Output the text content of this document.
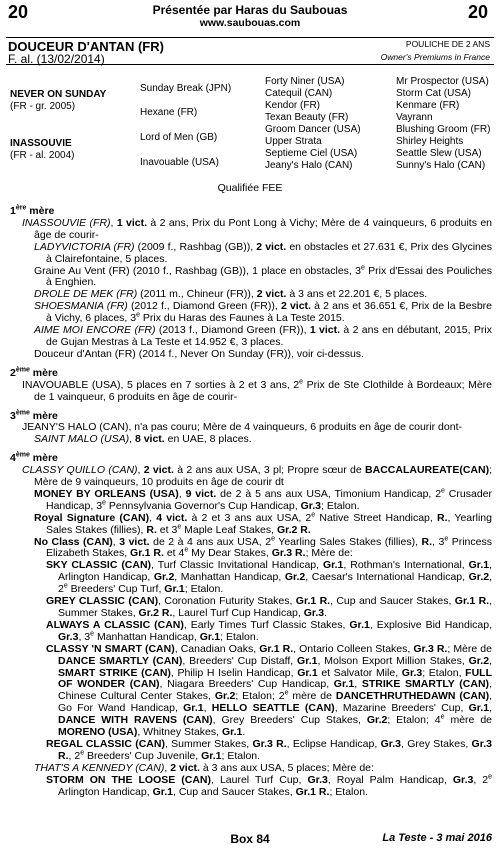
20	Présentée par Haras du Saubouas
www.saubouas.com
20
DOUCEUR D'ANTAN (FR)
F. al. (13/02/2014)
POULICHE DE 2 ANS
Owner's Premiums in France
NEVER ON SUNDAY
(FR - gr. 2005)
INASSOUVIE
(FR - al. 2004)
Sunday Break (JPN)
Hexane (FR)
Lord of Men (GB)
Inavouable (USA)
Forty Niner (USA)
Catequil (CAN)
Kendor (FR)
Texan Beauty (FR)
Groom Dancer (USA)
Upper Strata
Septieme Ciel (USA)
Jeany's Halo (CAN)
Mr Prospector (USA)
Storm Cat (USA)
Kenmare (FR)
Vayrann
Blushing Groom (FR)
Shirley Heights
Seattle Slew (USA)
Sunny's Halo (CAN)
Qualifiée FEE

1ère mère

INASSOUVIE (FR), 1 vict. à 2 ans, Prix du Pont Long à Vichy; Mère de 4 vainqueurs, 6 produits en âge de courir-

LADYVICTORIA (FR) (2009 f., Rashbag (GB)), 2 vict. en obstacles et 27.631 €, Prix des Glycines à Clairefontaine, 5 places.

Graine Au Vent (FR) (2010 f., Rashbag (GB)), 1 place en obstacles, 3e Prix d'Essai des Pouliches à Enghien.

DROLE DE MEK (FR) (2011 m., Chineur (FR)), 2 vict. à 3 ans et 22.201 €, 5 places.

SHOESMANIA (FR) (2012 f., Diamond Green (FR)), 2 vict. à 2 ans et 36.651 €, Prix de la Besbre à Vichy, 6 places, 3e Prix du Haras des Faunes à La Teste 2015.

AIME MOI ENCORE (FR) (2013 f., Diamond Green (FR)), 1 vict. à 2 ans en débutant, 2015, Prix de Gujan Mestras à La Teste et 14.952 €, 3 places.

Douceur d'Antan (FR) (2014 f., Never On Sunday (FR)), voir ci-dessus.

2ème mère

INAVOUABLE (USA), 5 places en 7 sorties à 2 et 3 ans, 2e Prix de Ste Clothilde à Bordeaux; Mère de 1 vainqueur, 6 produits en âge de courir-

3ème mère

JEANY'S HALO (CAN), n'a pas couru; Mère de 4 vainqueurs, 6 produits en âge de courir dont-

SAINT MALO (USA), 8 vict. en UAE, 8 places.

4ème mère

CLASSY QUILLO (CAN), 2 vict. à 2 ans aux USA, 3 pl; Propre sœur de BACCALAUREATE(CAN); Mère de 9 vainqueurs, 10 produits en âge de courir dt

MONEY BY ORLEANS (USA), 9 vict. de 2 à 5 ans aux USA, Timonium Handicap, 2e Crusader Handicap, 3e Pennsylvania Governor's Cup Handicap, Gr.3; Etalon.

Royal Signature (CAN), 4 vict. à 2 et 3 ans aux USA, 2e Native Street Handicap, R., Yearling Sales Stakes (fillies), R. et 3e Maple Leaf Stakes, Gr.2 R.

No Class (CAN), 3 vict. de 2 à 4 ans aux USA, 2e Yearling Sales Stakes (fillies), R., 3e Princess Elizabeth Stakes, Gr.1 R. et 4e My Dear Stakes, Gr.3 R.; Mère de:

SKY CLASSIC (CAN), Turf Classic Invitational Handicap, Gr.1, Rothman's International, Gr.1, Arlington Handicap, Gr.2, Manhattan Handicap, Gr.2, Caesar's International Handicap, Gr.2, 2e Breeders' Cup Turf, Gr.1; Etalon.

GREY CLASSIC (CAN), Coronation Futurity Stakes, Gr.1 R., Cup and Saucer Stakes, Gr.1 R., Summer Stakes, Gr.2 R., Laurel Turf Cup Handicap, Gr.3.

ALWAYS A CLASSIC (CAN), Early Times Turf Classic Stakes, Gr.1, Explosive Bid Handicap, Gr.3, 3e Manhattan Handicap, Gr.1; Etalon.

CLASSY 'N SMART (CAN), Canadian Oaks, Gr.1 R., Ontario Colleen Stakes, Gr.3 R.; Mère de DANCE SMARTLY (CAN), Breeders' Cup Distaff, Gr.1, Molson Export Million Stakes, Gr.2, SMART STRIKE (CAN), Philip H Iselin Handicap, Gr.1 et Salvator Mile, Gr.3; Etalon, FULL OF WONDER (CAN), Niagara Breeders' Cup Handicap, Gr.1, STRIKE SMARTLY (CAN), Chinese Cultural Center Stakes, Gr.2; Etalon; 2e mère de DANCETHRUTHEDAWN (CAN), Go For Wand Handicap, Gr.1, HELLO SEATTLE (CAN), Mazarine Breeders' Cup, Gr.1, DANCE WITH RAVENS (CAN), Grey Breeders' Cup Stakes, Gr.2; Etalon; 4e mère de MORENO (USA), Whitney Stakes, Gr.1.

REGAL CLASSIC (CAN), Summer Stakes, Gr.3 R., Eclipse Handicap, Gr.3, Grey Stakes, Gr.3 R., 2e Breeders' Cup Juvenile, Gr.1; Etalon.

THAT'S A KENNEDY (CAN), 2 vict. à 3 ans aux USA, 5 places; Mère de:

STORM ON THE LOOSE (CAN), Laurel Turf Cup, Gr.3, Royal Palm Handicap, Gr.3, 2e Arlington Handicap, Gr.1, Cup and Saucer Stakes, Gr.1 R.; Etalon.

Box 84	La Teste - 3 mai 2016
